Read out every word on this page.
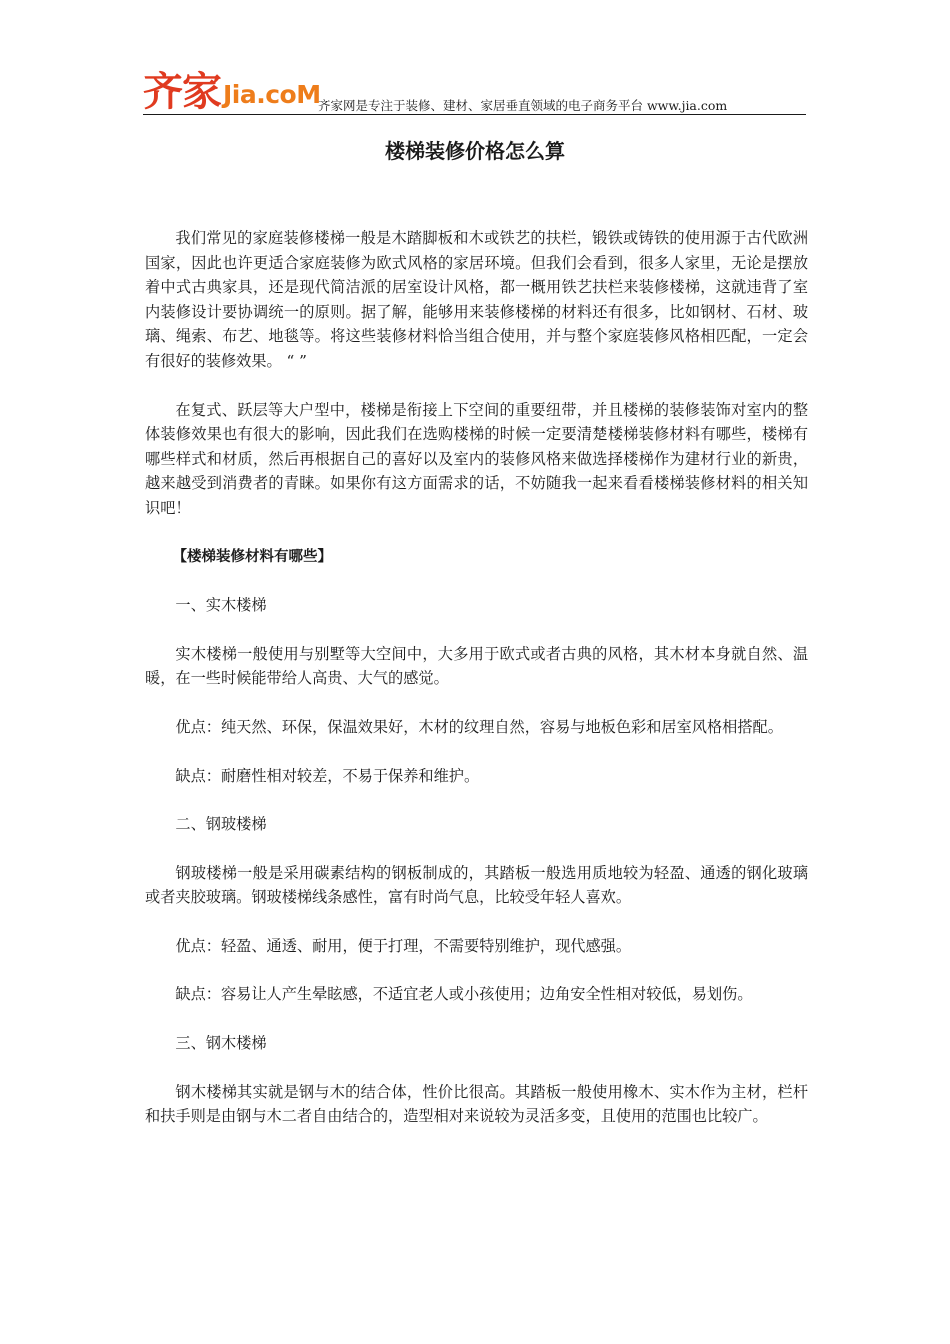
齐家 Jia.coM
齐家网是专注于装修、建材、家居垂直领域的电子商务平台 www.jia.com
楼梯装修价格怎么算

我们常见的家庭装修楼梯一般是木踏脚板和木或铁艺的扶栏，锻铁或铸铁的使用源于古代欧洲国家，因此也许更适合家庭装修为欧式风格的家居环境。但我们会看到，很多人家里，无论是摆放着中式古典家具，还是现代简洁派的居室设计风格，都一概用铁艺扶栏来装修楼梯，这就违背了室内装修设计要协调统一的原则。据了解，能够用来装修楼梯的材料还有很多，比如钢材、石材、玻璃、绳索、布艺、地毯等。将这些装修材料恰当组合使用，并与整个家庭装修风格相匹配，一定会有很好的装修效果。 “ ”

在复式、跃层等大户型中，楼梯是衔接上下空间的重要纽带，并且楼梯的装修装饰对室内的整体装修效果也有很大的影响，因此我们在选购楼梯的时候一定要清楚楼梯装修材料有哪些，楼梯有哪些样式和材质，然后再根据自己的喜好以及室内的装修风格来做选择楼梯作为建材行业的新贵，越来越受到消费者的青睐。如果你有这方面需求的话，不妨随我一起来看看楼梯装修材料的相关知识吧！

【楼梯装修材料有哪些】

一、实木楼梯

实木楼梯一般使用与别墅等大空间中，大多用于欧式或者古典的风格，其木材本身就自然、温暖，在一些时候能带给人高贵、大气的感觉。

优点：纯天然、环保，保温效果好，木材的纹理自然，容易与地板色彩和居室风格相搭配。

缺点：耐磨性相对较差，不易于保养和维护。

二、钢玻楼梯

钢玻楼梯一般是采用碳素结构的钢板制成的，其踏板一般选用质地较为轻盈、通透的钢化玻璃或者夹胶玻璃。钢玻楼梯线条感性，富有时尚气息，比较受年轻人喜欢。

优点：轻盈、通透、耐用，便于打理，不需要特别维护，现代感强。

缺点：容易让人产生晕眩感，不适宜老人或小孩使用；边角安全性相对较低，易划伤。

三、钢木楼梯

钢木楼梯其实就是钢与木的结合体，性价比很高。其踏板一般使用橡木、实木作为主材，栏杆和扶手则是由钢与木二者自由结合的，造型相对来说较为灵活多变，且使用的范围也比较广。
